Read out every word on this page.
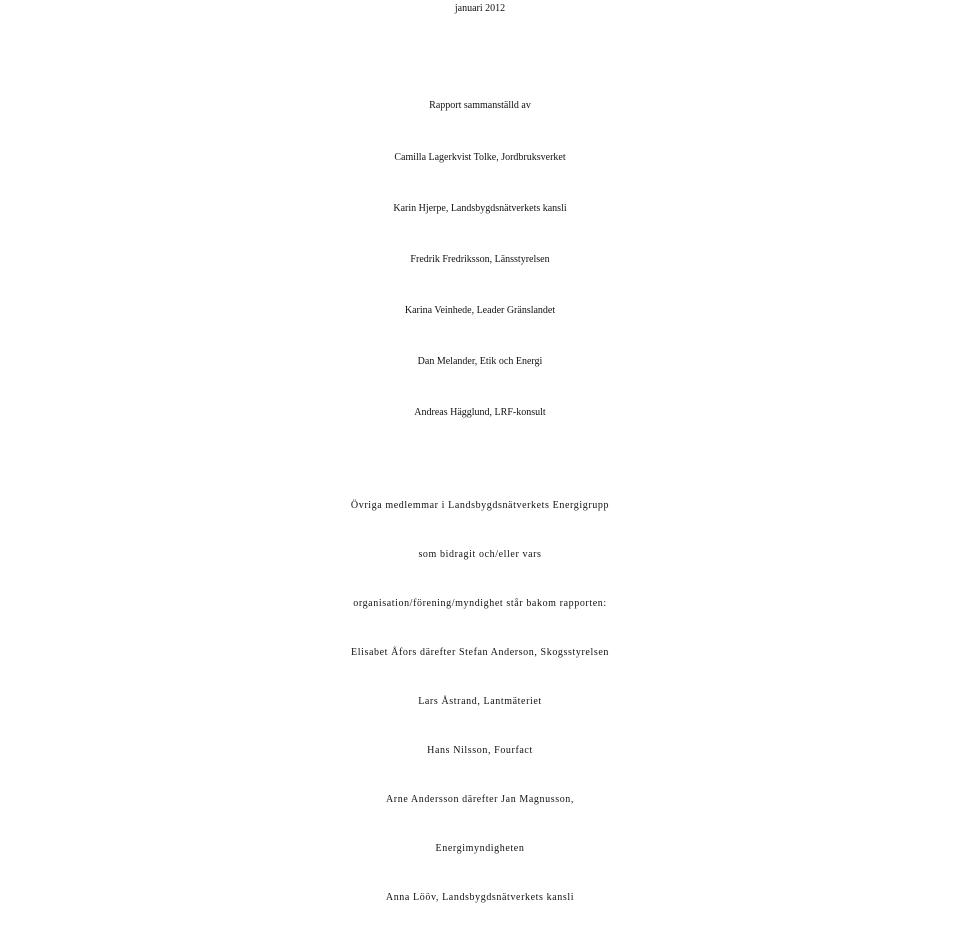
januari 2012
Rapport sammanställd av
Camilla Lagerkvist Tolke, Jordbruksverket
Karin Hjerpe, Landsbygdsnätverkets kansli
Fredrik Fredriksson, Länsstyrelsen
Karina Veinhede, Leader Gränslandet
Dan Melander, Etik och Energi
Andreas Hägglund, LRF-konsult
Övriga medlemmar i Landsbygdsnätverkets Energigrupp
som bidragit och/eller vars
organisation/förening/myndighet står bakom rapporten:
Elisabet Åfors därefter Stefan Anderson, Skogsstyrelsen
Lars Åstrand, Lantmäteriet
Hans Nilsson, Fourfact
Arne Andersson därefter Jan Magnusson,
Energimyndigheten
Anna Lööv, Landsbygdsnätverkets kansli
